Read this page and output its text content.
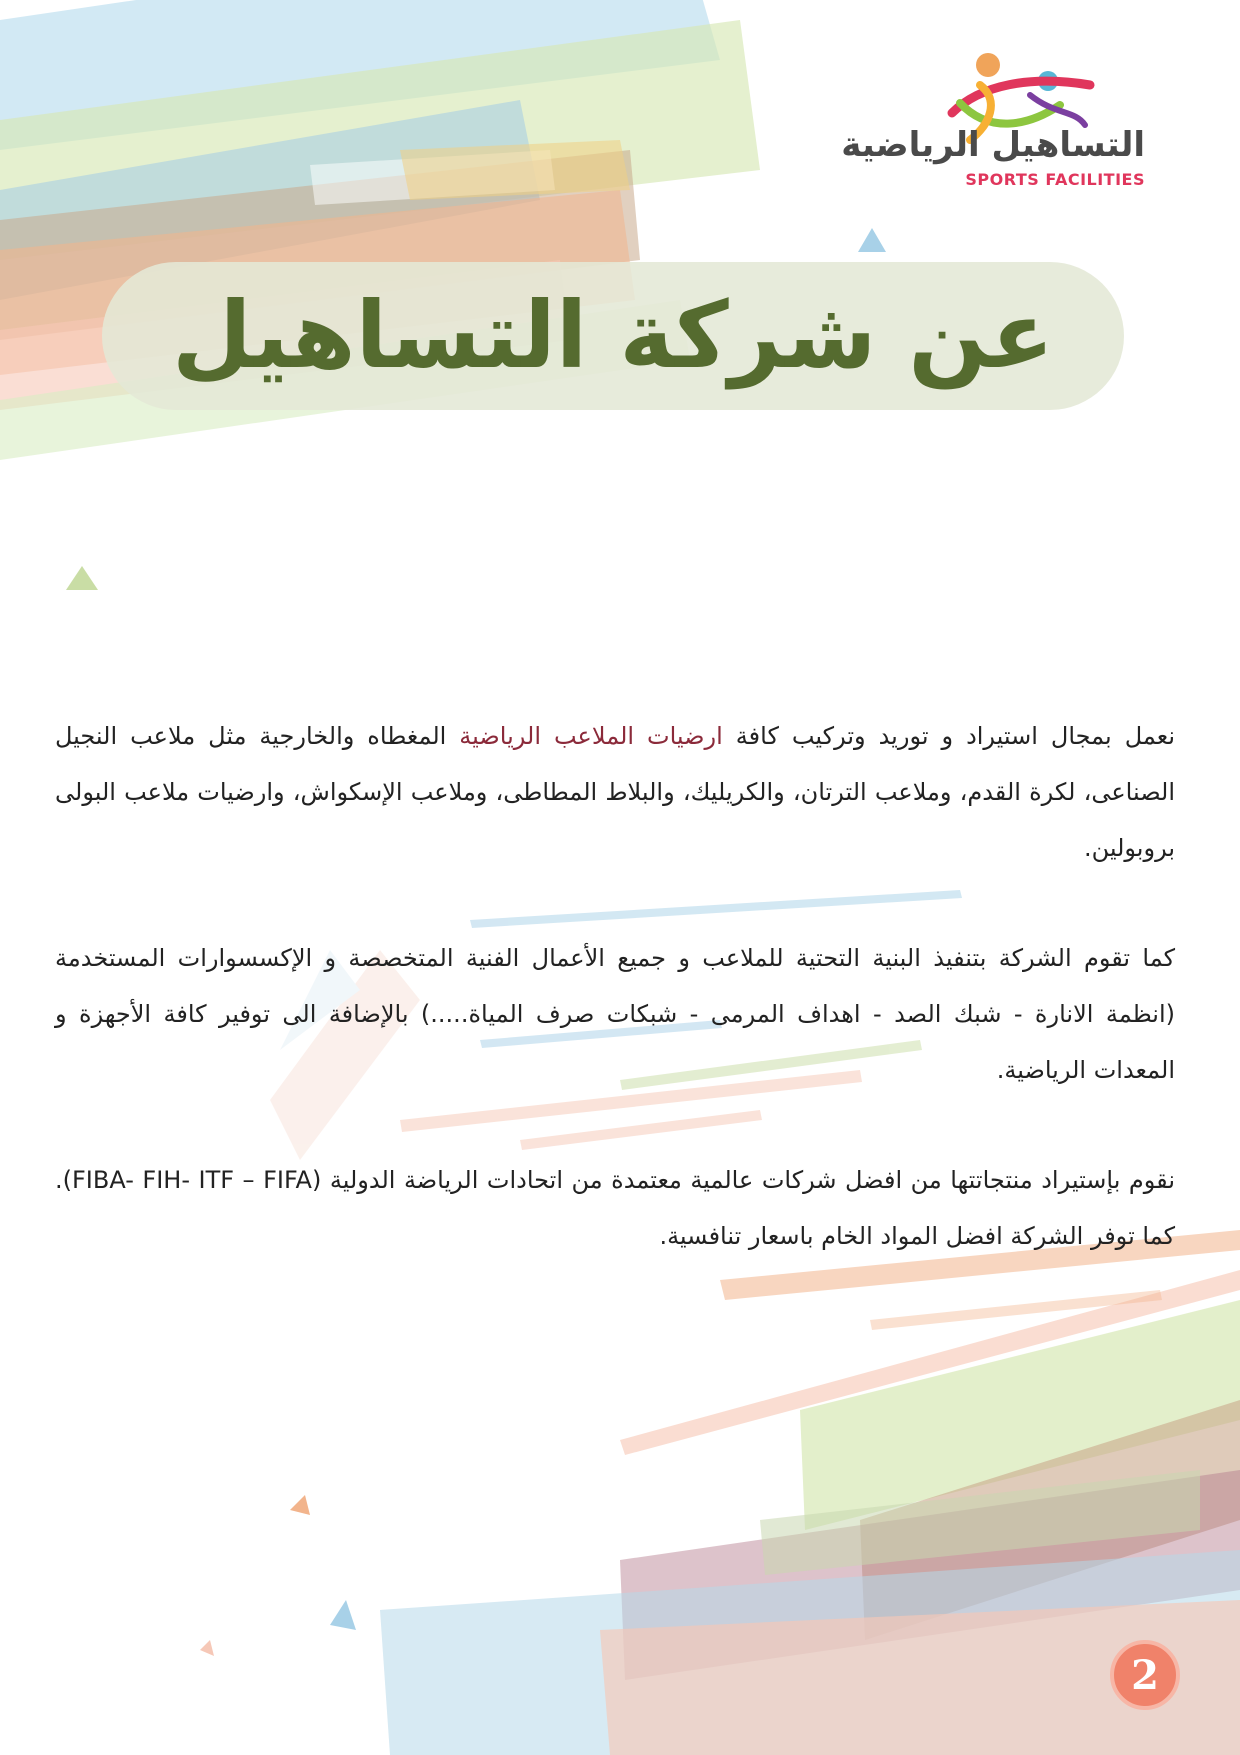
التساهيل الرياضية
SPORTS FACILITIES
عن شركة التساهيل

نعمل بمجال استيراد و توريد وتركيب كافة ارضيات الملاعب الرياضية المغطاه والخارجية مثل ملاعب النجيل الصناعى، لكرة القدم، وملاعب الترتان، والكريليك، والبلاط المطاطى، وملاعب الإسكواش، وارضيات ملاعب البولى بروبولين.

كما تقوم الشركة بتنفيذ البنية التحتية للملاعب و جميع الأعمال الفنية المتخصصة و الإكسسوارات المستخدمة (انظمة الانارة - شبك الصد - اهداف المرمى - شبكات صرف المياة.....) بالإضافة الى توفير كافة الأجهزة و المعدات الرياضية.

نقوم بإستيراد منتجاتتها من افضل شركات عالمية معتمدة من اتحادات الرياضة الدولية (FIBA- FIH- ITF – FIFA). كما توفر الشركة افضل المواد الخام باسعار تنافسية.

2
